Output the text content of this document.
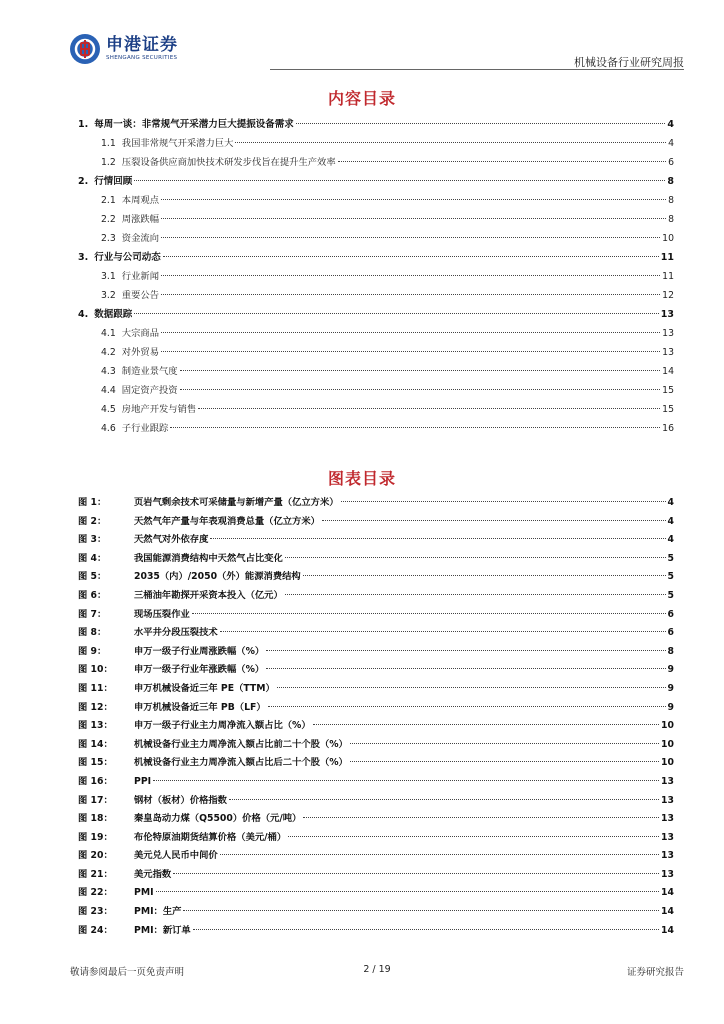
申港证券
SHENGANG SECURITIES	机械设备行业研究周报
内容目录
1. 每周一谈：非常规气开采潜力巨大提振设备需求	4
1.1 我国非常规气开采潜力巨大	4
1.2 压裂设备供应商加快技术研发步伐旨在提升生产效率	6
2. 行情回顾	8
2.1 本周观点	8
2.2 周涨跌幅	8
2.3 资金流向	10
3. 行业与公司动态	11
3.1 行业新闻	11
3.2 重要公告	12
4. 数据跟踪	13
4.1 大宗商品	13
4.2 对外贸易	13
4.3 制造业景气度	14
4.4 固定资产投资	15
4.5 房地产开发与销售	15
4.6 子行业跟踪	16
图表目录
图 1：	页岩气剩余技术可采储量与新增产量（亿立方米）	4
图 2：	天然气年产量与年表观消费总量（亿立方米）	4
图 3：	天然气对外依存度	4
图 4：	我国能源消费结构中天然气占比变化	5
图 5：	2035（内）/2050（外）能源消费结构	5
图 6：	三桶油年勘探开采资本投入（亿元）	5
图 7：	现场压裂作业	6
图 8：	水平井分段压裂技术	6
图 9：	申万一级子行业周涨跌幅（%）	8
图 10：	申万一级子行业年涨跌幅（%）	9
图 11：	申万机械设备近三年 PE（TTM）	9
图 12：	申万机械设备近三年 PB（LF）	9
图 13：	申万一级子行业主力周净流入额占比（%）	10
图 14：	机械设备行业主力周净流入额占比前二十个股（%）	10
图 15：	机械设备行业主力周净流入额占比后二十个股（%）	10
图 16：	PPI	13
图 17：	钢材（板材）价格指数	13
图 18：	秦皇岛动力煤（Q5500）价格（元/吨）	13
图 19：	布伦特原油期货结算价格（美元/桶）	13
图 20：	美元兑人民币中间价	13
图 21：	美元指数	13
图 22：	PMI	14
图 23：	PMI：生产	14
图 24：	PMI：新订单	14
敬请参阅最后一页免责声明	2 / 19	证券研究报告
